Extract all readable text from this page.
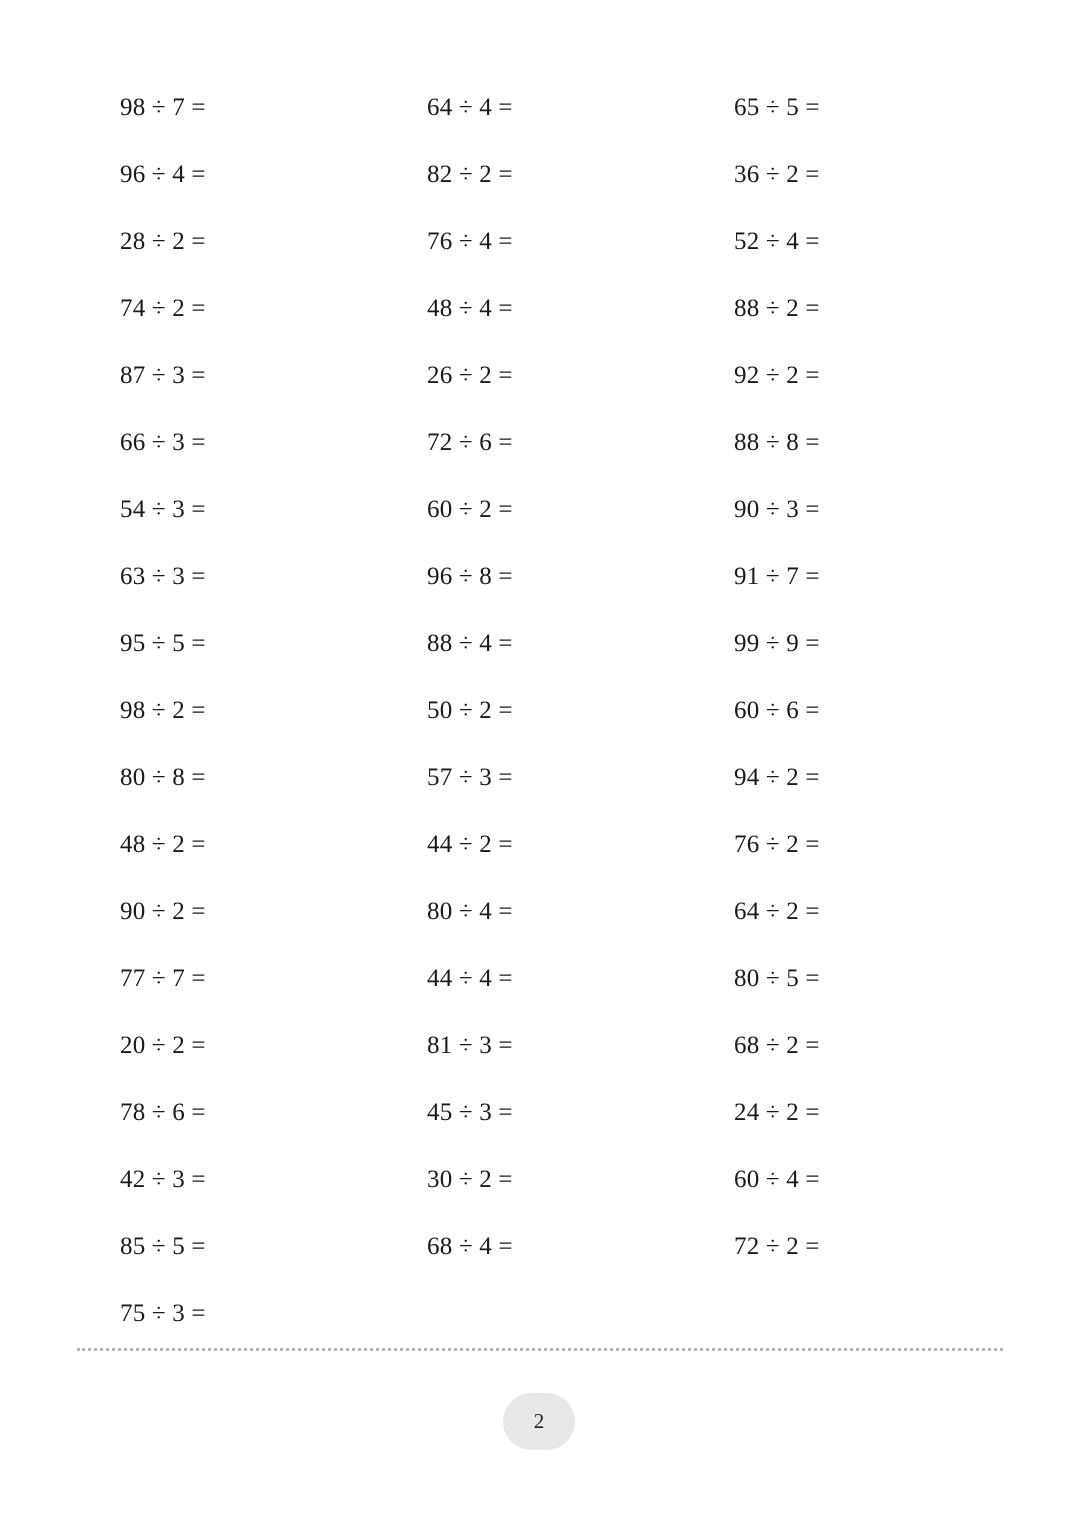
98 ÷ 7 =	64 ÷ 4 =	65 ÷ 5 =
96 ÷ 4 =	82 ÷ 2 =	36 ÷ 2 =
28 ÷ 2 =	76 ÷ 4 =	52 ÷ 4 =
74 ÷ 2 =	48 ÷ 4 =	88 ÷ 2 =
87 ÷ 3 =	26 ÷ 2 =	92 ÷ 2 =
66 ÷ 3 =	72 ÷ 6 =	88 ÷ 8 =
54 ÷ 3 =	60 ÷ 2 =	90 ÷ 3 =
63 ÷ 3 =	96 ÷ 8 =	91 ÷ 7 =
95 ÷ 5 =	88 ÷ 4 =	99 ÷ 9 =
98 ÷ 2 =	50 ÷ 2 =	60 ÷ 6 =
80 ÷ 8 =	57 ÷ 3 =	94 ÷ 2 =
48 ÷ 2 =	44 ÷ 2 =	76 ÷ 2 =
90 ÷ 2 =	80 ÷ 4 =	64 ÷ 2 =
77 ÷ 7 =	44 ÷ 4 =	80 ÷ 5 =
20 ÷ 2 =	81 ÷ 3 =	68 ÷ 2 =
78 ÷ 6 =	45 ÷ 3 =	24 ÷ 2 =
42 ÷ 3 =	30 ÷ 2 =	60 ÷ 4 =
85 ÷ 5 =	68 ÷ 4 =	72 ÷ 2 =
75 ÷ 3 =
2
